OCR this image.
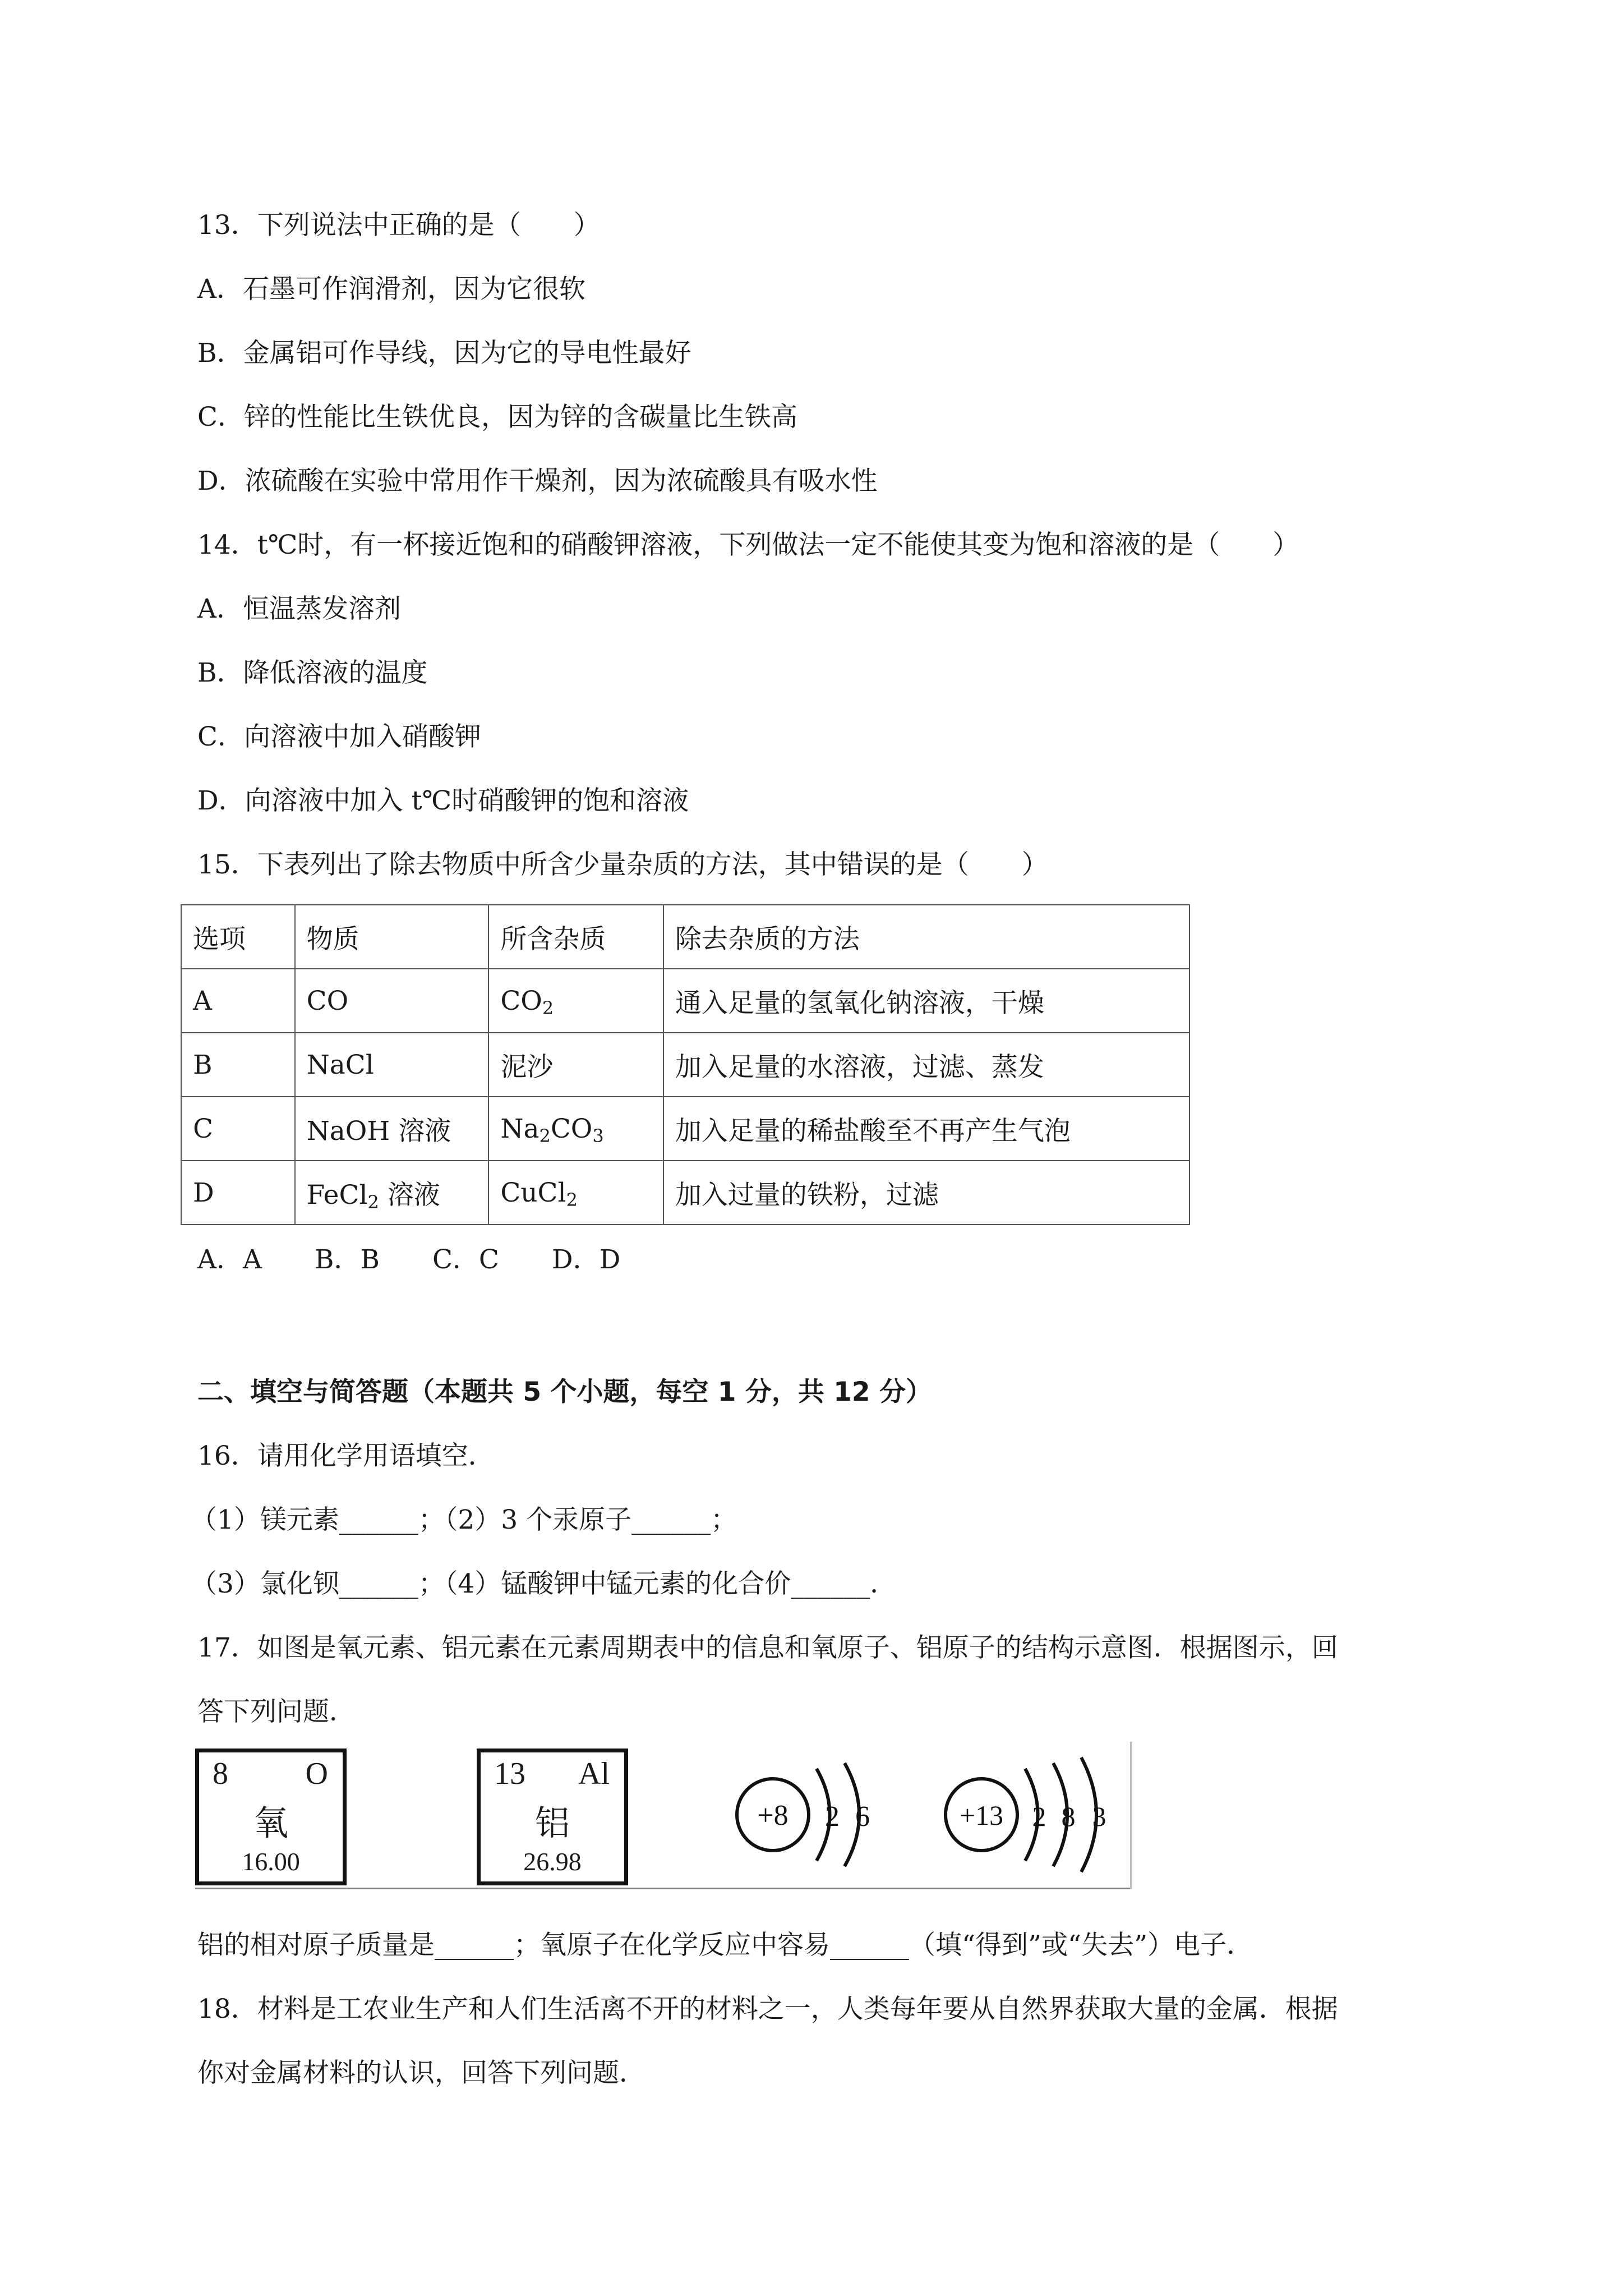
13．下列说法中正确的是（　　）
A．石墨可作润滑剂，因为它很软
B．金属铝可作导线，因为它的导电性最好
C．锌的性能比生铁优良，因为锌的含碳量比生铁高
D．浓硫酸在实验中常用作干燥剂，因为浓硫酸具有吸水性
14．t℃时，有一杯接近饱和的硝酸钾溶液，下列做法一定不能使其变为饱和溶液的是（　　）
A．恒温蒸发溶剂
B．降低溶液的温度
C．向溶液中加入硝酸钾
D．向溶液中加入 t℃时硝酸钾的饱和溶液
15．下表列出了除去物质中所含少量杂质的方法，其中错误的是（　　）
选项	物质	所含杂质	除去杂质的方法
A	CO	$CO_2$	通入足量的氢氧化钠溶液，干燥
B	NaCl	泥沙	加入足量的水溶液，过滤、蒸发
C	NaOH 溶液	$Na_2CO_3$	加入足量的稀盐酸至不再产生气泡
D	FeCl$_2$ 溶液	CuCl$_2$	加入过量的铁粉，过滤
A．A　　B．B　　C．C　　D．D
二、填空与简答题（本题共 5 个小题，每空 1 分，共 12 分）
16．请用化学用语填空．
（1）镁元素______；（2）3 个汞原子______；
（3）氯化钡______；（4）锰酸钾中锰元素的化合价______．
17．如图是氧元素、铝元素在元素周期表中的信息和氧原子、铝原子的结构示意图．根据图示，回
答下列问题．
8 O
氧
16.00
13 Al
铝
26.98
+8 2 6	+13 2 8 3
铝的相对原子质量是______；氧原子在化学反应中容易______（填“得到”或“失去”）电子．
18．材料是工农业生产和人们生活离不开的材料之一，人类每年要从自然界获取大量的金属．根据
你对金属材料的认识，回答下列问题．
